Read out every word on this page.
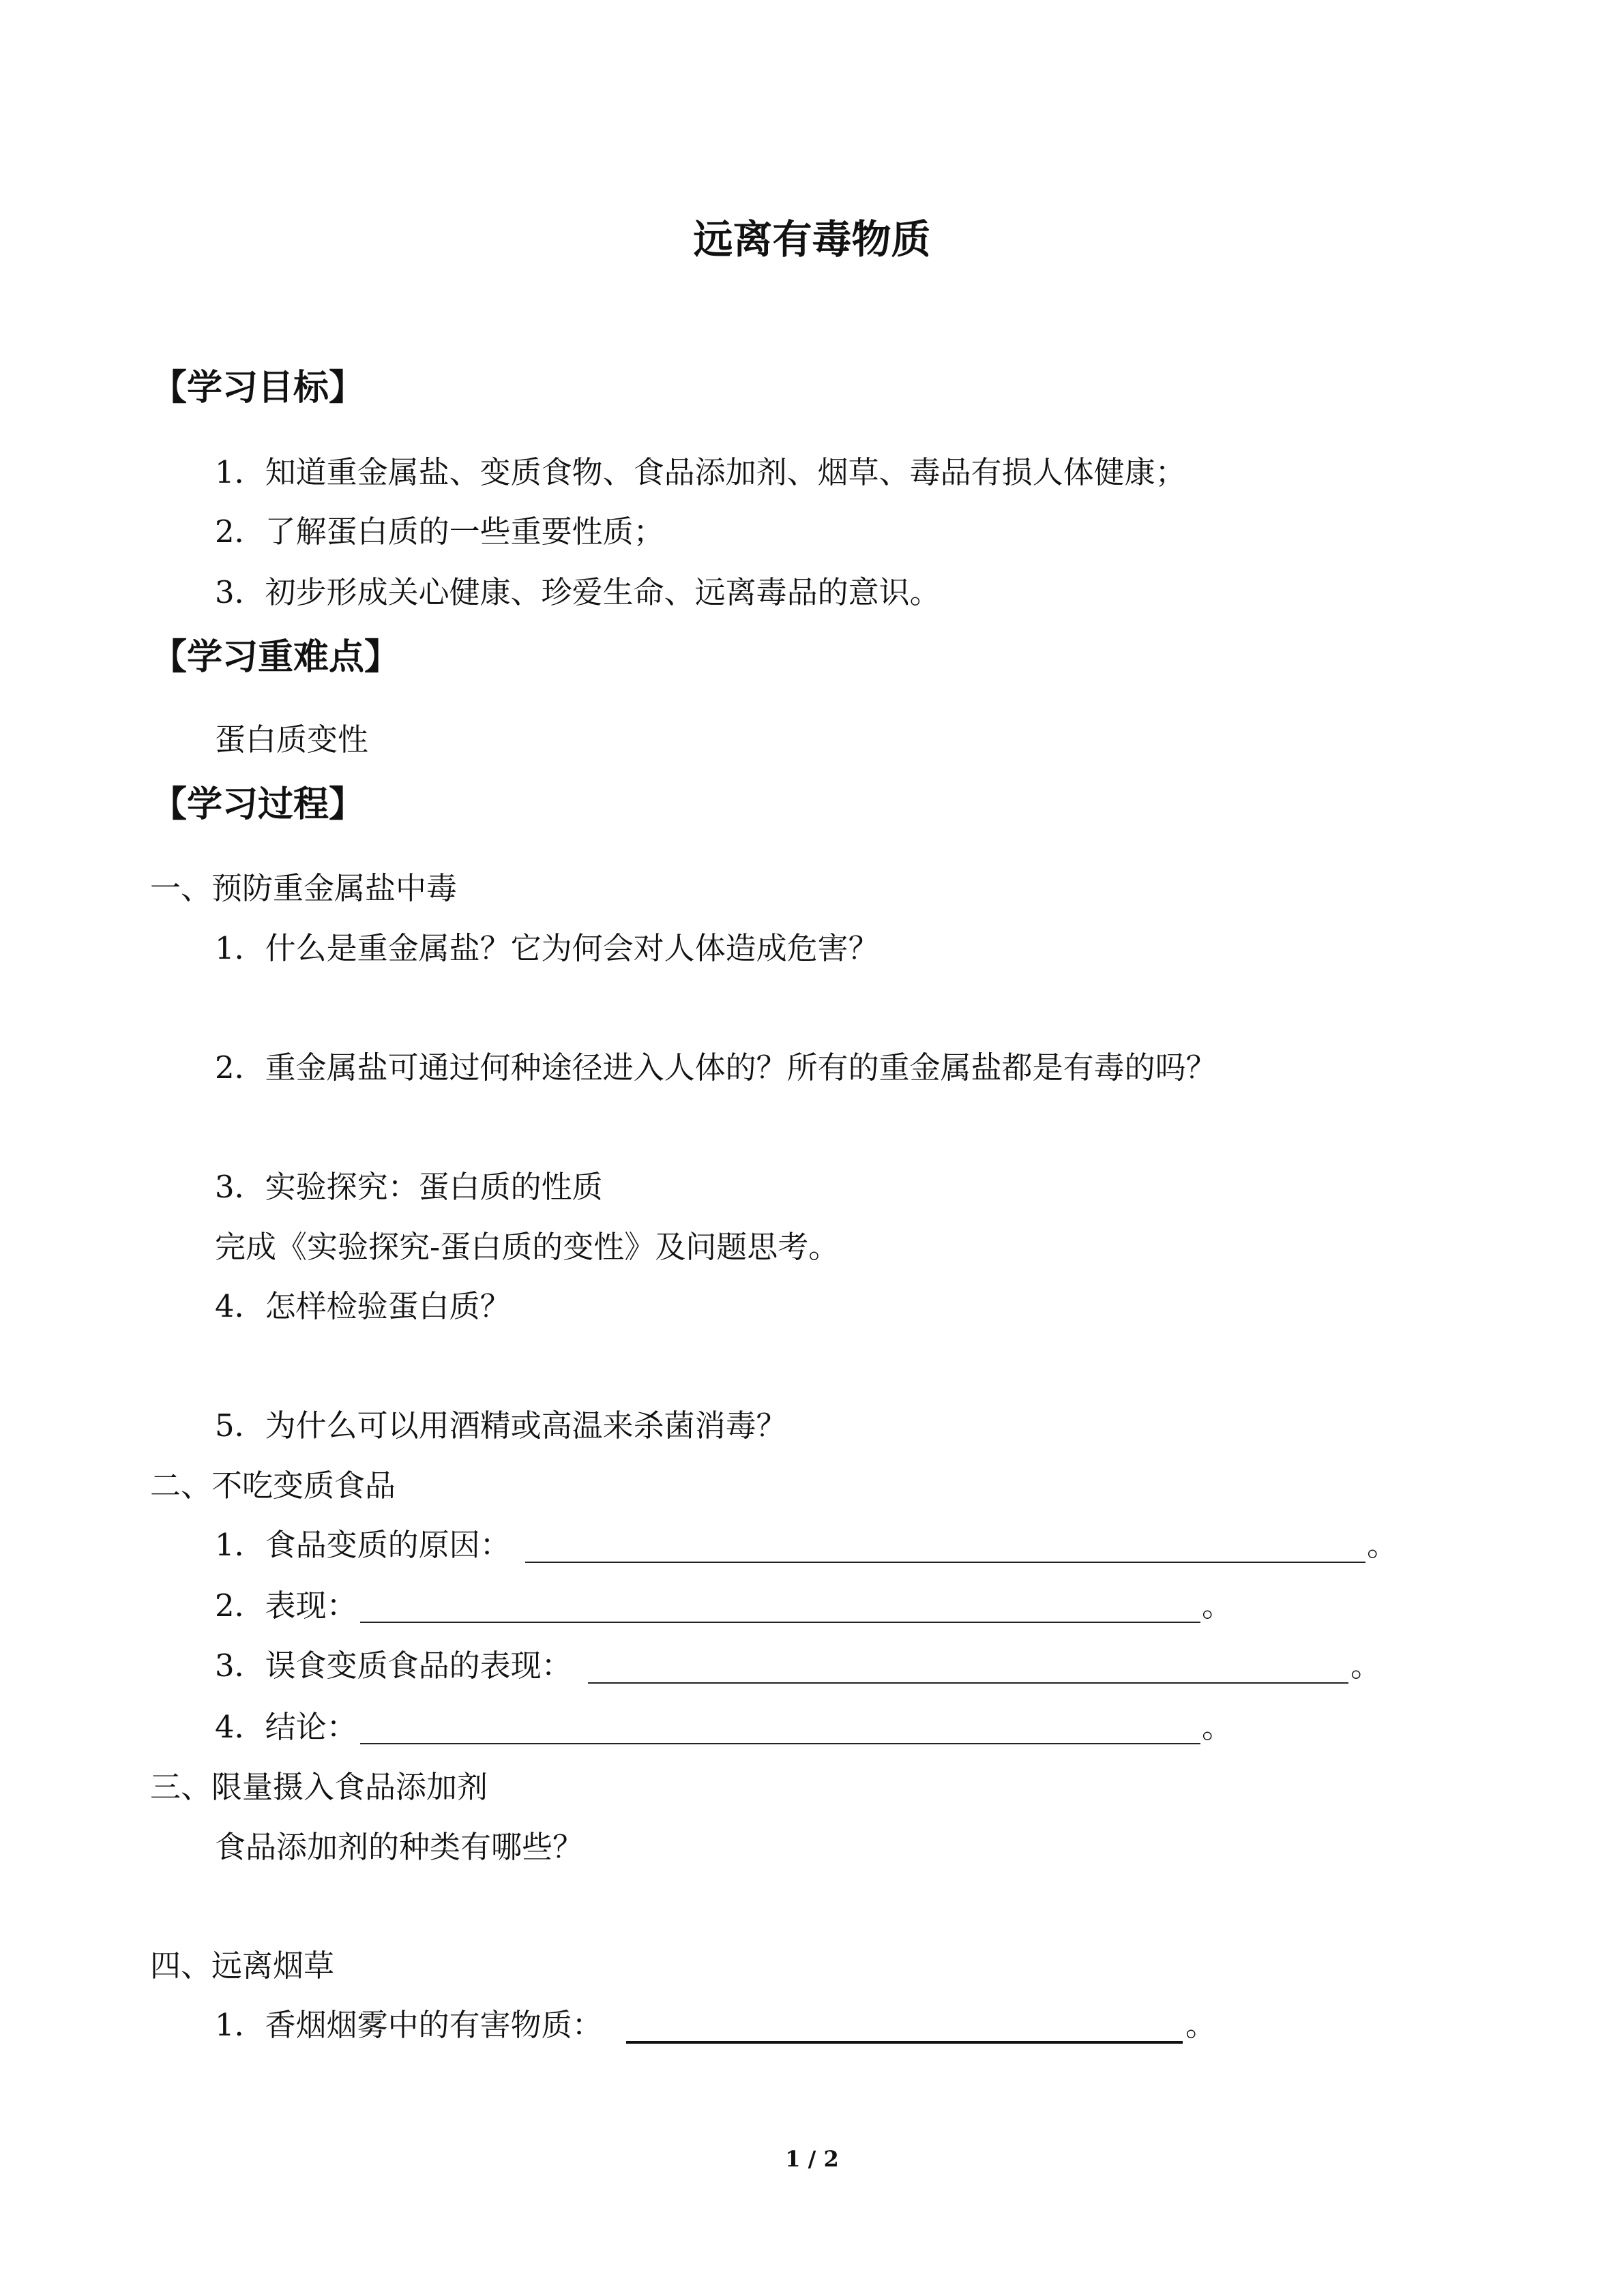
远离有毒物质
【学习目标】
1．知道重金属盐、变质食物、食品添加剂、烟草、毒品有损人体健康；
2．了解蛋白质的一些重要性质；
3．初步形成关心健康、珍爱生命、远离毒品的意识。
【学习重难点】
蛋白质变性
【学习过程】
一、预防重金属盐中毒
1．什么是重金属盐？它为何会对人体造成危害？
2．重金属盐可通过何种途径进入人体的？所有的重金属盐都是有毒的吗？
3．实验探究：蛋白质的性质
完成《实验探究-蛋白质的变性》及问题思考。
4．怎样检验蛋白质？
5．为什么可以用酒精或高温来杀菌消毒？
二、不吃变质食品
1．食品变质的原因：	。
2．表现：	。
3．误食变质食品的表现：	。
4．结论：	。
三、限量摄入食品添加剂
食品添加剂的种类有哪些？
四、远离烟草
1．香烟烟雾中的有害物质：	。
1 / 2
